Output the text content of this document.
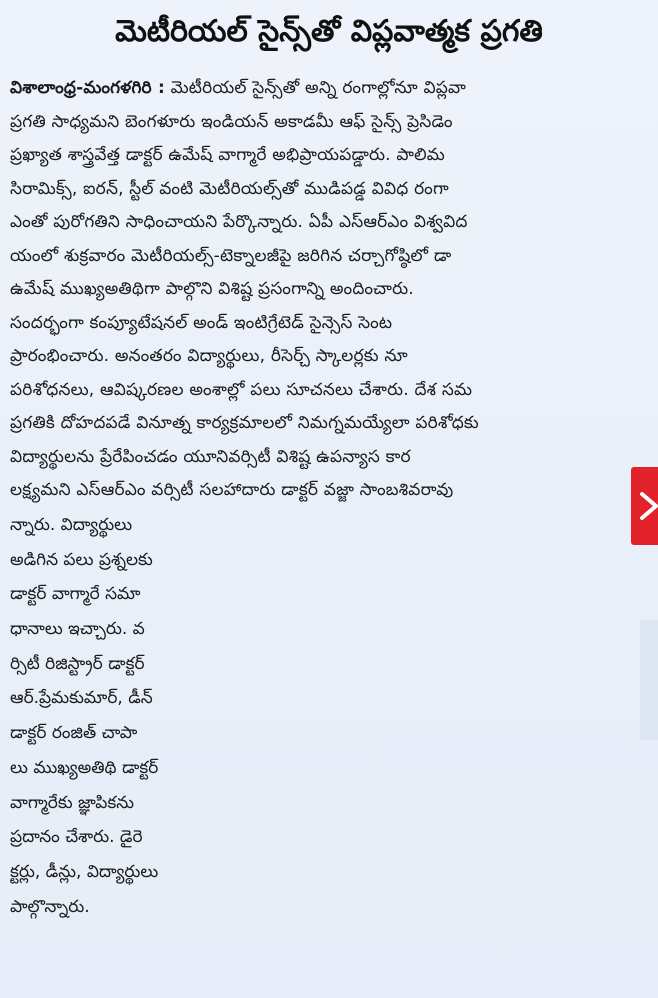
మెటీరియల్ సైన్స్‌తో విప్లవాత్మక ప్రగతి
విశాలాంధ్ర-మంగళగిరి : మెటీరియల్ సైన్స్‌తో అన్ని రంగాల్లోనూ విప్లవా
ప్రగతి సాధ్యమని బెంగళూరు ఇండియన్ అకాడమీ ఆఫ్ సైన్స్ ప్రెసిడెం
ప్రఖ్యాత శాస్త్రవేత్త డాక్టర్ ఉమేష్ వాగ్మారే అభిప్రాయపడ్డారు. పాలిమ
సిరామిక్స్, ఐరన్, స్టీల్ వంటి మెటీరియల్స్‌తో ముడిపడ్డ వివిధ రంగా
ఎంతో పురోగతిని సాధించాయని పేర్కొన్నారు. ఏపీ ఎస్ఆర్ఎం విశ్వవిద
యంలో శుక్రవారం మెటీరియల్స్-టెక్నాలజీపై జరిగిన చర్చాగోష్ఠిలో డా
ఉమేష్ ముఖ్యఅతిథిగా పాల్గొని విశిష్ట ప్రసంగాన్ని అందించారు.
సందర్భంగా కంప్యూటేషనల్ అండ్ ఇంటిగ్రేటెడ్ సైన్సెస్ సెంట
ప్రారంభించారు. అనంతరం విద్యార్థులు, రీసెర్చ్ స్కాలర్లకు నూ
పరిశోధనలు, ఆవిష్కరణల అంశాల్లో పలు సూచనలు చేశారు. దేశ సమ
ప్రగతికి దోహదపడే వినూత్న కార్యక్రమాలలో నిమగ్నమయ్యేలా పరిశోధకు
విద్యార్థులను ప్రేరేపించడం యూనివర్సిటీ విశిష్ట ఉపన్యాస కార
లక్ష్యమని ఎస్ఆర్ఎం వర్సిటీ సలహాదారు డాక్టర్ వజ్జా సాంబశివరావు
న్నారు. విద్యార్థులు
అడిగిన పలు ప్రశ్నలకు
డాక్టర్ వాగ్మారే సమా
ధానాలు ఇచ్చారు. వ
ర్సిటీ రిజిస్ట్రార్ డాక్టర్
ఆర్.ప్రేమకుమార్, డీన్
డాక్టర్ రంజిత్ చాపా
లు ముఖ్యఅతిథి డాక్టర్
వాగ్మారేకు జ్ఞాపికను
ప్రదానం చేశారు. డైరె
క్టర్లు, డీన్లు, విద్యార్థులు
పాల్గొన్నారు.
